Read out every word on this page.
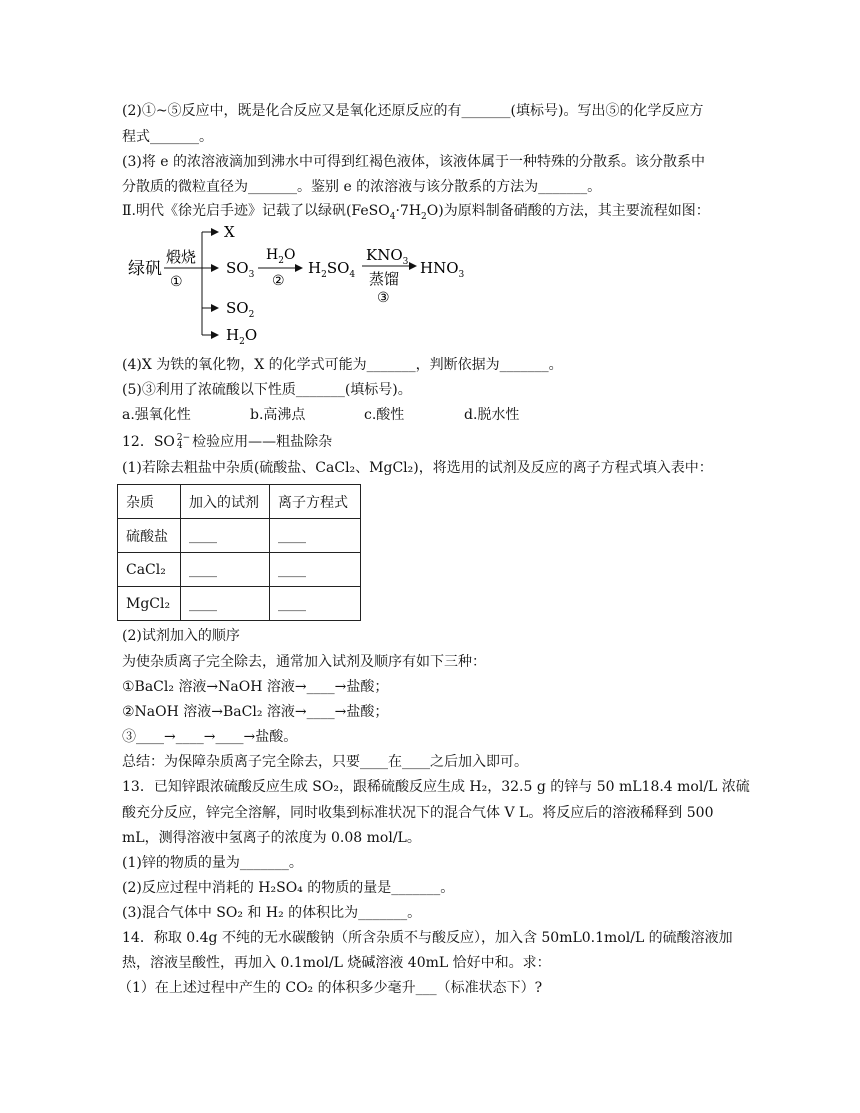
(2)①~⑤反应中，既是化合反应又是氧化还原反应的有_______(填标号)。写出⑤的化学反应方
程式_______。
(3)将 e 的浓溶液滴加到沸水中可得到红褐色液体，该液体属于一种特殊的分散系。该分散系中
分散质的微粒直径为_______。鉴别 e 的浓溶液与该分散系的方法为_______。
Ⅱ.明代《徐光启手迹》记载了以绿矾$(FeSO_4\cdot 7H_2O)$为原料制备硝酸的方法，其主要流程如图：
绿矾
煅烧
①
X
$SO_3$
$H_2O$
②
$H_2SO_4$
$KNO_3$
蒸馏
③
$HNO_3$
$SO_2$
$H_2O$
(4)X 为铁的氧化物，X 的化学式可能为_______，判断依据为_______。
(5)③利用了浓硫酸以下性质_______(填标号)。
a.强氧化性	b.高沸点	c.酸性	d.脱水性
12．SO 2−
4 检验应用——粗盐除杂
(1)若除去粗盐中杂质(硫酸盐、CaCl₂、MgCl₂)，将选用的试剂及反应的离子方程式填入表中：
杂质	加入的试剂	离子方程式
硫酸盐	____	____
CaCl₂	____	____
MgCl₂	____	____
(2)试剂加入的顺序
为使杂质离子完全除去，通常加入试剂及顺序有如下三种：
①BaCl₂ 溶液→NaOH 溶液→____→盐酸；
②NaOH 溶液→BaCl₂ 溶液→____→盐酸；
③____→____→____→盐酸。
总结：为保障杂质离子完全除去，只要____在____之后加入即可。
13．已知锌跟浓硫酸反应生成 SO₂，跟稀硫酸反应生成 H₂，32.5 g 的锌与 50 mL18.4 mol/L 浓硫
酸充分反应，锌完全溶解，同时收集到标准状况下的混合气体 V L。将反应后的溶液稀释到 500
mL，测得溶液中氢离子的浓度为 0.08 mol/L。
(1)锌的物质的量为_______。
(2)反应过程中消耗的 H₂SO₄ 的物质的量是_______。
(3)混合气体中 SO₂ 和 H₂ 的体积比为_______。
14．称取 0.4g 不纯的无水碳酸钠（所含杂质不与酸反应），加入含 50mL0.1mol/L 的硫酸溶液加
热，溶液呈酸性，再加入 0.1mol/L 烧碱溶液 40mL 恰好中和。求：
（1）在上述过程中产生的 CO₂ 的体积多少毫升___（标准状态下）?
